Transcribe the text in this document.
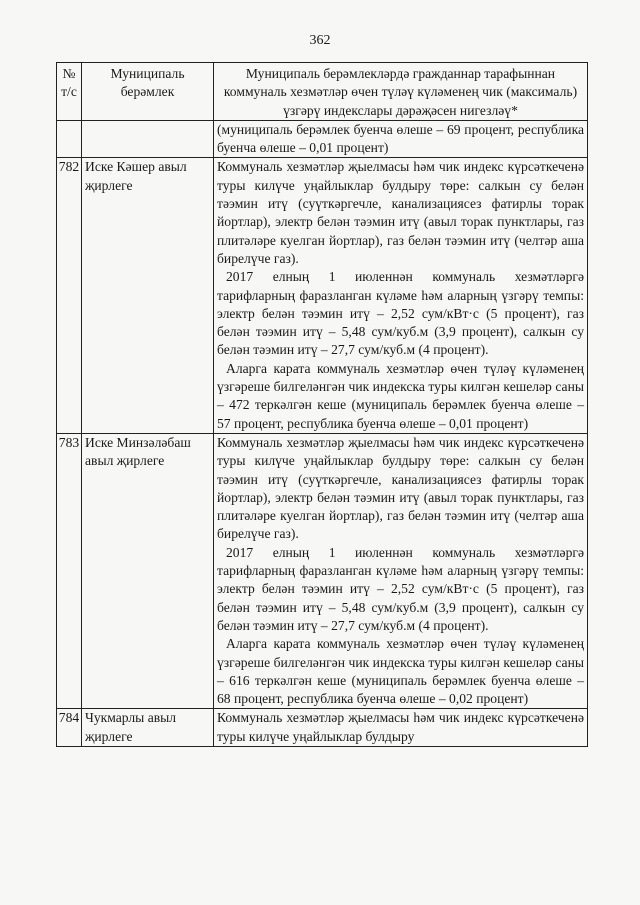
362
№ т/с	Муниципаль берәмлек	Муниципаль берәмлекләрдә гражданнар тарафыннан коммуналь хезмәтләр өчен түләү күләменең чик (максималь) үзгәрү индекслары дәрәҗәсен нигезләү*

		(муниципаль берәмлек буенча өлеше – 69 процент, республика буенча өлеше – 0,01 процент)

782	Иске Кәшер авыл җирлеге	Коммуналь хезмәтләр җыелмасы һәм чик индекс күрсәткеченә туры килүче уңайлыклар булдыру төре: салкын су белән тәэмин итү (суүткәргечле, канализациясез фатирлы торак йортлар), электр белән тәэмин итү (авыл торак пунктлары, газ плитәләре куелган йортлар), газ белән тәэмин итү (челтәр аша бирелүче газ).

2017 елның 1 июленнән коммуналь хезмәтләргә тарифларның фаразланган күләме һәм аларның үзгәрү темпы: электр белән тәэмин итү – 2,52 сум/кВт·с (5 процент), газ белән тәэмин итү – 5,48 сум/куб.м (3,9 процент), салкын су белән тәэмин итү – 27,7 сум/куб.м (4 процент).

Аларга карата коммуналь хезмәтләр өчен түләү күләменең үзгәреше билгеләнгән чик индекска туры килгән кешеләр саны – 472 теркәлгән кеше (муниципаль берәмлек буенча өлеше – 57 процент, республика буенча өлеше – 0,01 процент)

783	Иске Минзәләбаш авыл җирлеге	Коммуналь хезмәтләр җыелмасы һәм чик индекс күрсәткеченә туры килүче уңайлыклар булдыру төре: салкын су белән тәэмин итү (суүткәргечле, канализациясез фатирлы торак йортлар), электр белән тәэмин итү (авыл торак пунктлары, газ плитәләре куелган йортлар), газ белән тәэмин итү (челтәр аша бирелүче газ).

2017 елның 1 июленнән коммуналь хезмәтләргә тарифларның фаразланган күләме һәм аларның үзгәрү темпы: электр белән тәэмин итү – 2,52 сум/кВт·с (5 процент), газ белән тәэмин итү – 5,48 сум/куб.м (3,9 процент), салкын су белән тәэмин итү – 27,7 сум/куб.м (4 процент).

Аларга карата коммуналь хезмәтләр өчен түләү күләменең үзгәреше билгеләнгән чик индекска туры килгән кешеләр саны – 616 теркәлгән кеше (муниципаль берәмлек буенча өлеше – 68 процент, республика буенча өлеше – 0,02 процент)

784	Чукмарлы авыл җирлеге	Коммуналь хезмәтләр җыелмасы һәм чик индекс күрсәткеченә туры килүче уңайлыклар булдыру
